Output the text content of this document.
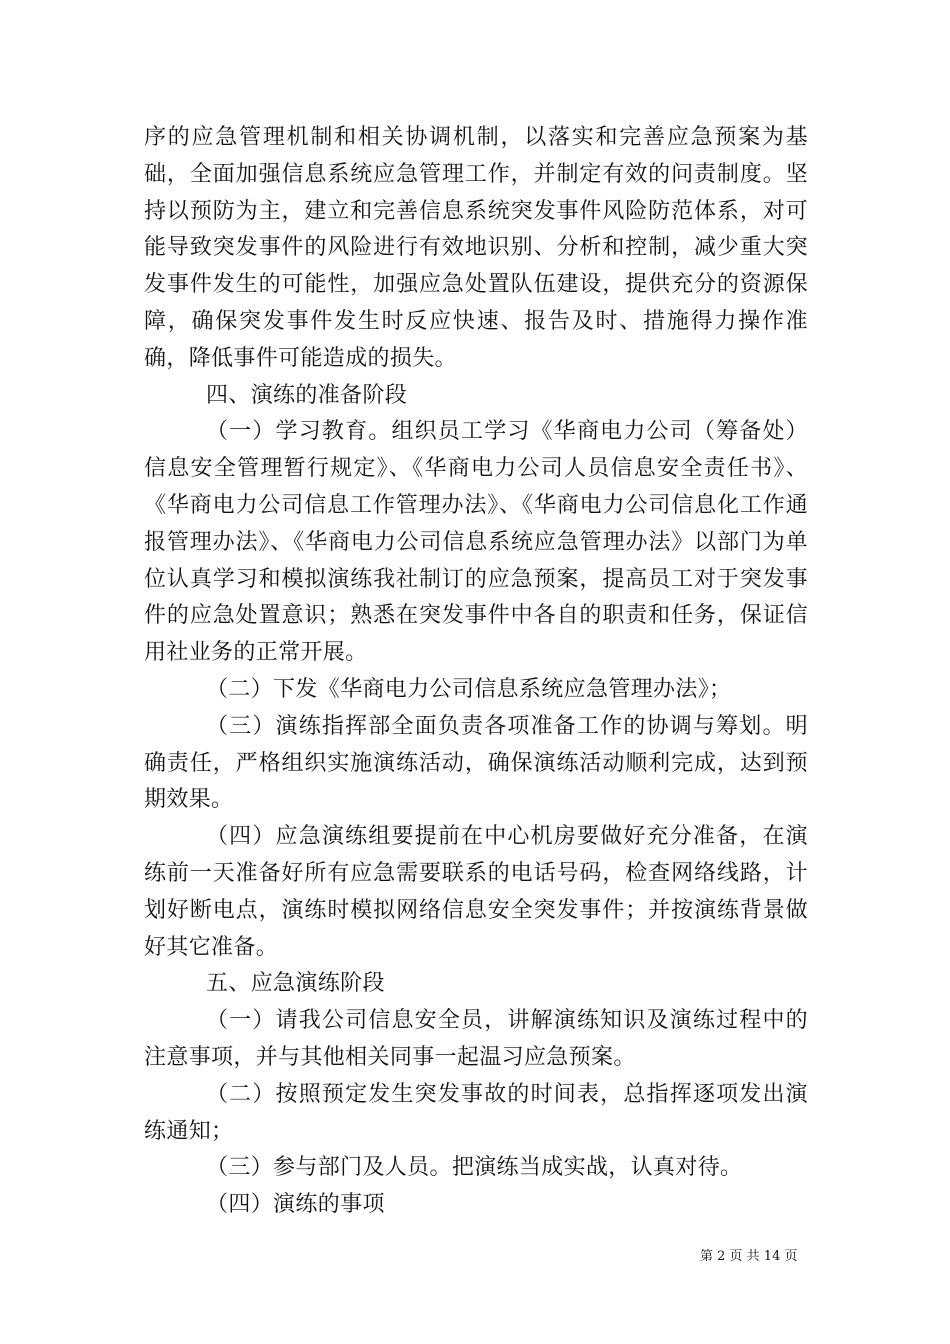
序的应急管理机制和相关协调机制，以落实和完善应急预案为基础，全面加强信息系统应急管理工作，并制定有效的问责制度。坚持以预防为主，建立和完善信息系统突发事件风险防范体系，对可能导致突发事件的风险进行有效地识别、分析和控制，减少重大突发事件发生的可能性，加强应急处置队伍建设，提供充分的资源保障，确保突发事件发生时反应快速、报告及时、措施得力操作准确，降低事件可能造成的损失。

四、演练的准备阶段

（一）学习教育。组织员工学习《华商电力公司（筹备处）信息安全管理暂行规定》、《华商电力公司人员信息安全责任书》、《华商电力公司信息工作管理办法》、《华商电力公司信息化工作通报管理办法》、《华商电力公司信息系统应急管理办法》以部门为单位认真学习和模拟演练我社制订的应急预案，提高员工对于突发事件的应急处置意识；熟悉在突发事件中各自的职责和任务，保证信用社业务的正常开展。

（二）下发《华商电力公司信息系统应急管理办法》；

（三）演练指挥部全面负责各项准备工作的协调与筹划。明确责任，严格组织实施演练活动，确保演练活动顺利完成，达到预期效果。

（四）应急演练组要提前在中心机房要做好充分准备，在演练前一天准备好所有应急需要联系的电话号码，检查网络线路，计划好断电点，演练时模拟网络信息安全突发事件；并按演练背景做好其它准备。

五、应急演练阶段

（一）请我公司信息安全员，讲解演练知识及演练过程中的注意事项，并与其他相关同事一起温习应急预案。

（二）按照预定发生突发事故的时间表，总指挥逐项发出演练通知；

（三）参与部门及人员。把演练当成实战，认真对待。

（四）演练的事项

第 2 页 共 14 页
